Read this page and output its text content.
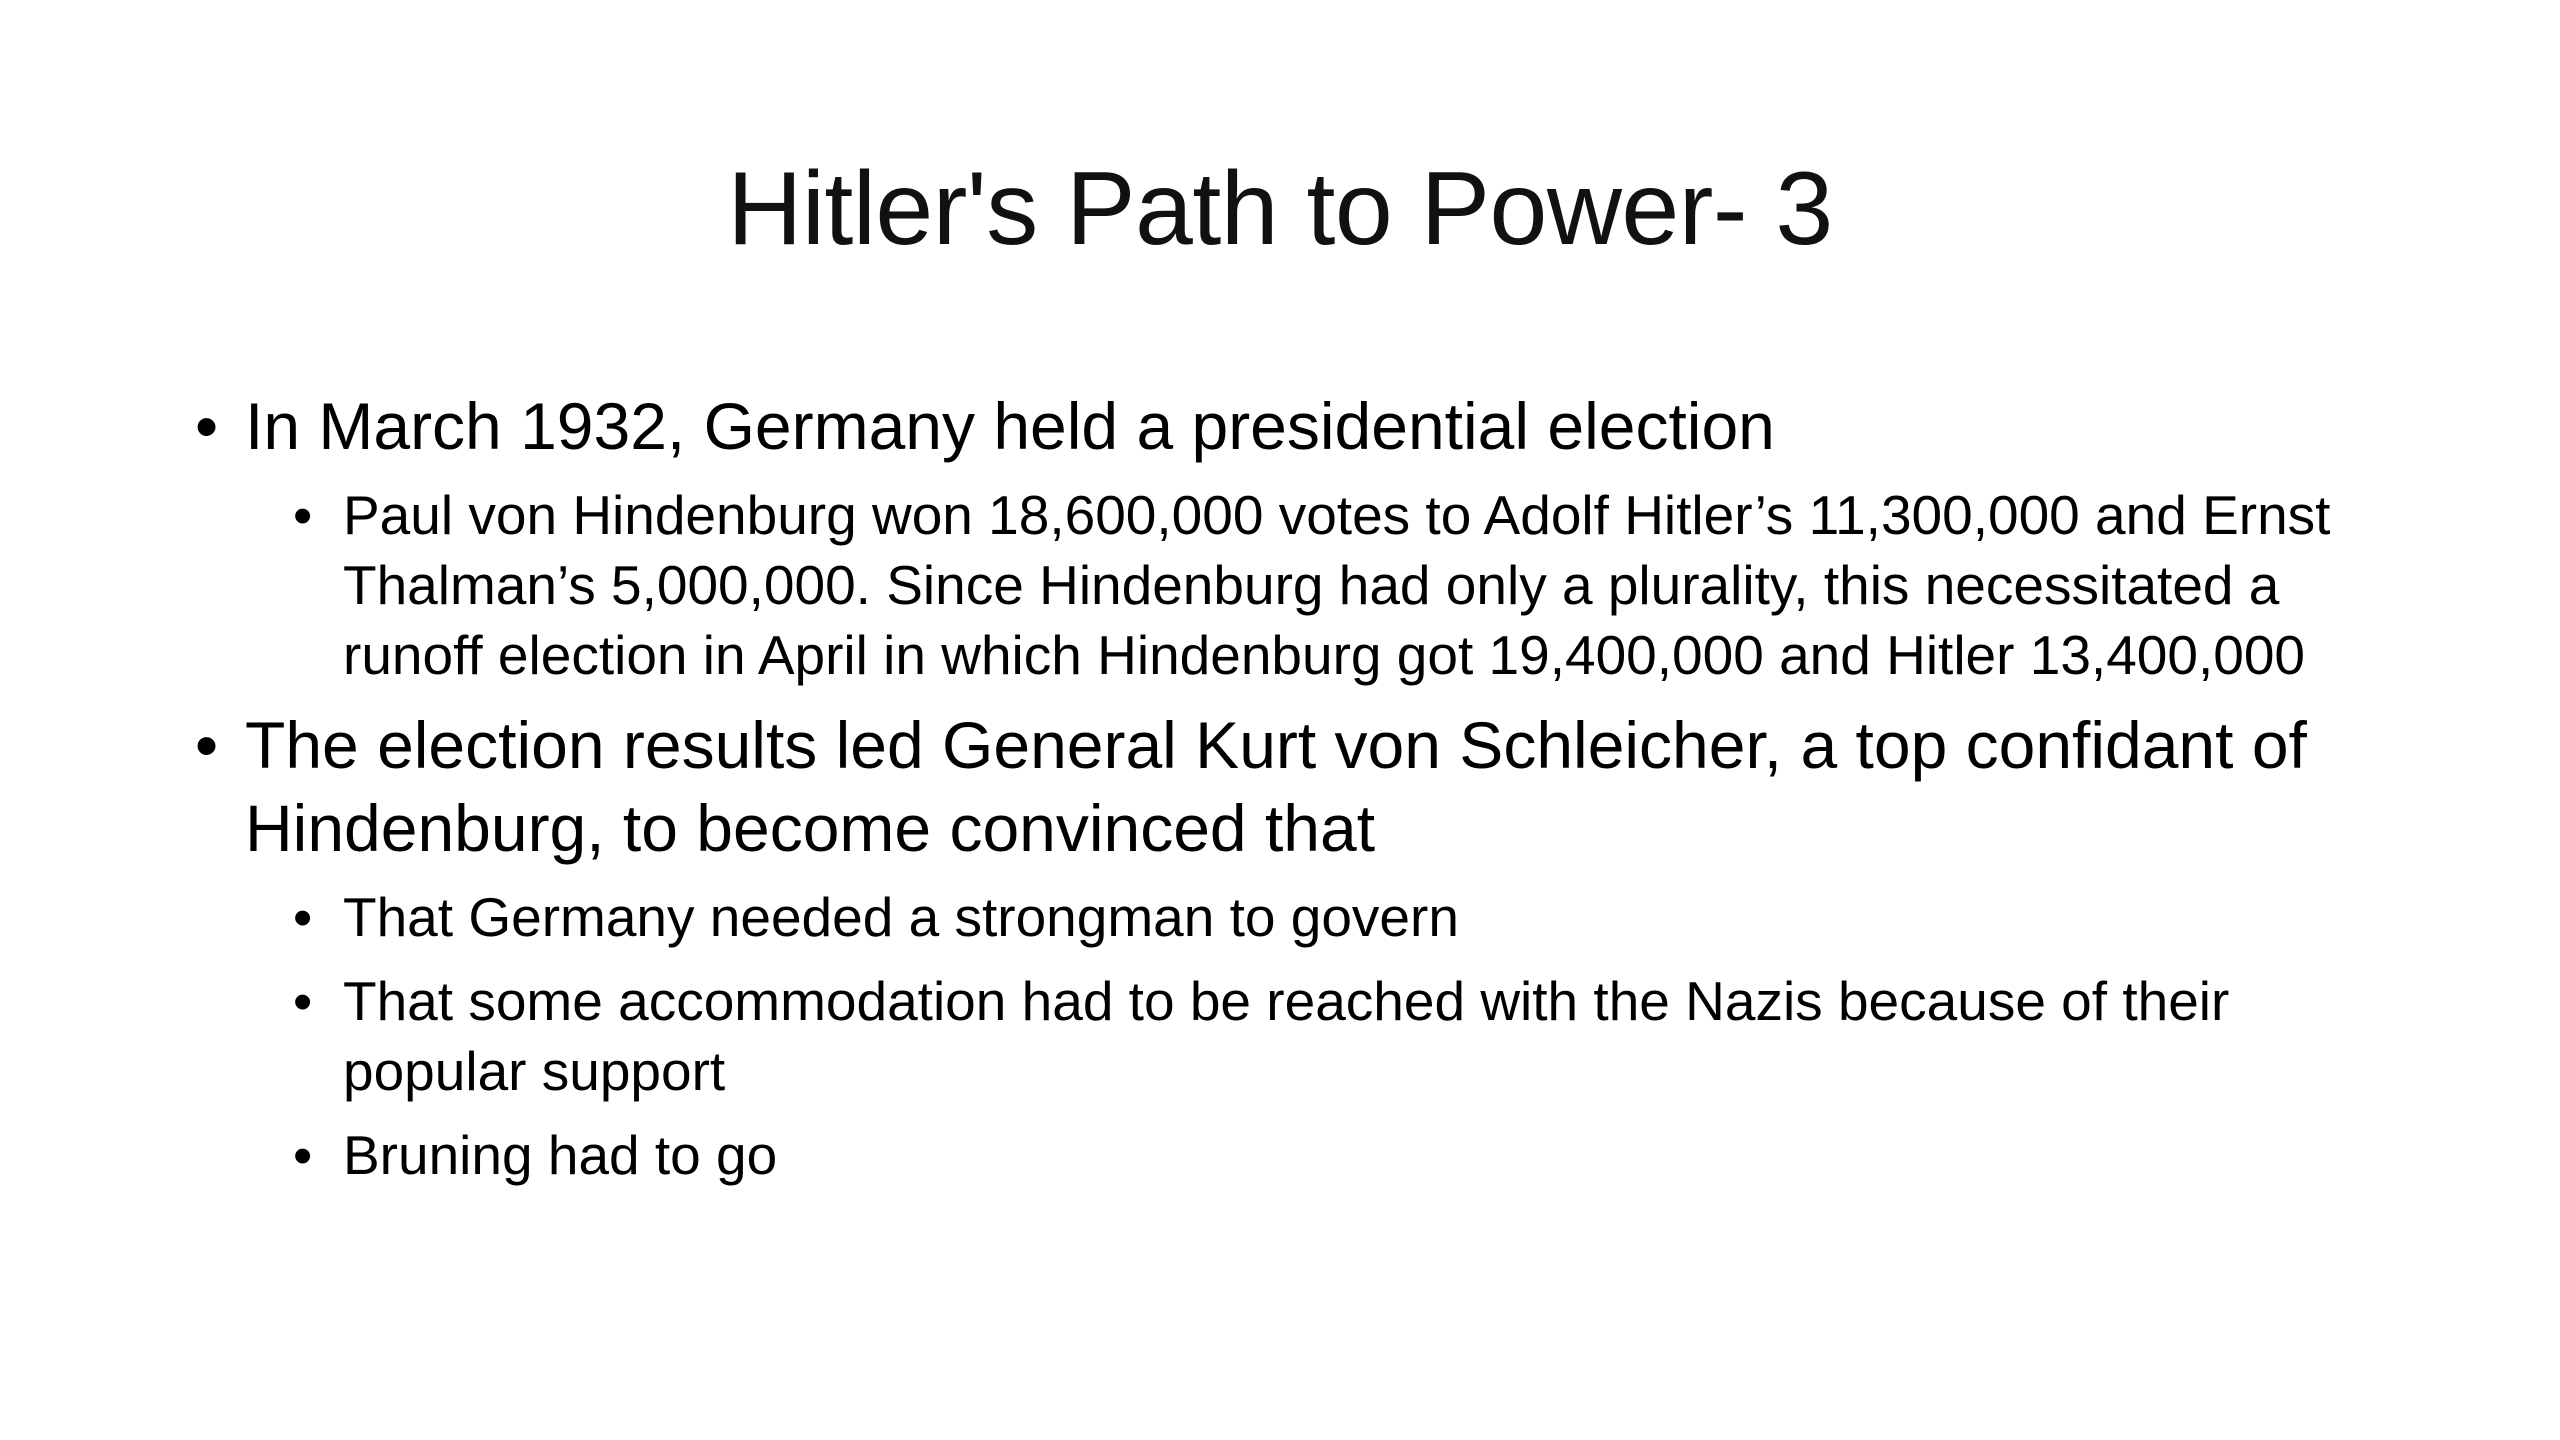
Hitler's Path to Power- 3
• In March 1932, Germany held a presidential election
• Paul von Hindenburg won 18,600,000 votes to Adolf Hitler’s 11,300,000 and Ernst Thalman’s 5,000,000. Since Hindenburg had only a plurality, this necessitated a runoff election in April in which Hindenburg got 19,400,000 and Hitler 13,400,000
• The election results led General Kurt von Schleicher, a top confidant of Hindenburg, to become convinced that
• That Germany needed a strongman to govern
• That some accommodation had to be reached with the Nazis because of their popular support
• Bruning had to go
